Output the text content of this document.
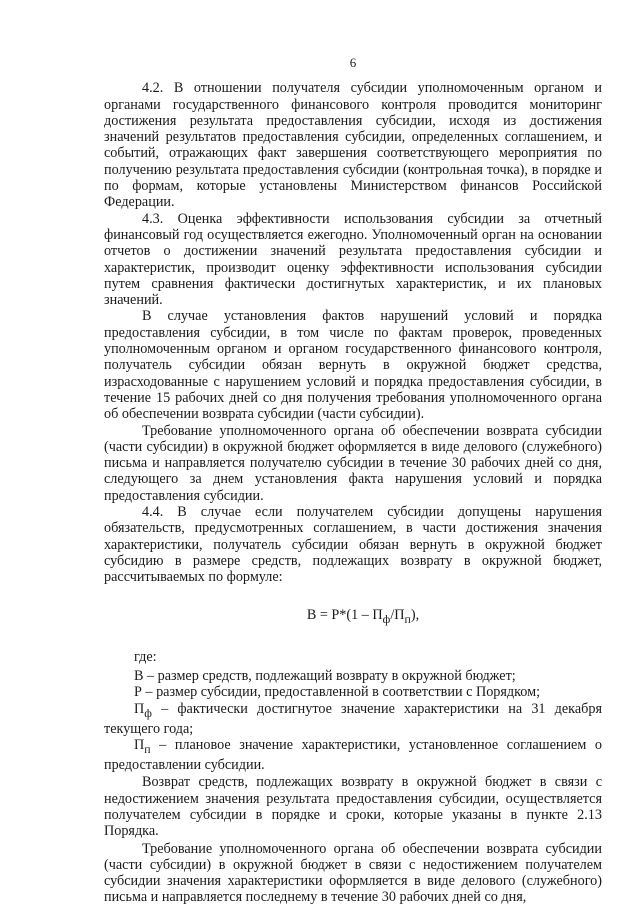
6

4.2. В отношении получателя субсидии уполномоченным органом и органами государственного финансового контроля проводится мониторинг достижения результата предоставления субсидии, исходя из достижения значений результатов предоставления субсидии, определенных соглашением, и событий, отражающих факт завершения соответствующего мероприятия по получению результата предоставления субсидии (контрольная точка), в порядке и по формам, которые установлены Министерством финансов Российской Федерации.

4.3. Оценка эффективности использования субсидии за отчетный финансовый год осуществляется ежегодно. Уполномоченный орган на основании отчетов о достижении значений результата предоставления субсидии и характеристик, производит оценку эффективности использования субсидии путем сравнения фактически достигнутых характеристик, и их плановых значений.

В случае установления фактов нарушений условий и порядка предоставления субсидии, в том числе по фактам проверок, проведенных уполномоченным органом и органом государственного финансового контроля, получатель субсидии обязан вернуть в окружной бюджет средства, израсходованные с нарушением условий и порядка предоставления субсидии, в течение 15 рабочих дней со дня получения требования уполномоченного органа об обеспечении возврата субсидии (части субсидии).

Требование уполномоченного органа об обеспечении возврата субсидии (части субсидии) в окружной бюджет оформляется в виде делового (служебного) письма и направляется получателю субсидии в течение 30 рабочих дней со дня, следующего за днем установления факта нарушения условий и порядка предоставления субсидии.

4.4. В случае если получателем субсидии допущены нарушения обязательств, предусмотренных соглашением, в части достижения значения характеристики, получатель субсидии обязан вернуть в окружной бюджет субсидию в размере средств, подлежащих возврату в окружной бюджет, рассчитываемых по формуле:

$В = Р*(1 - П_ф/П_п)$,

где:

В – размер средств, подлежащий возврату в окружной бюджет;

Р – размер субсидии, предоставленной в соответствии с Порядком;

$П_ф$ – фактически достигнутое значение характеристики на 31 декабря текущего года;

$П_п$ – плановое значение характеристики, установленное соглашением о предоставлении субсидии.

Возврат средств, подлежащих возврату в окружной бюджет в связи с недостижением значения результата предоставления субсидии, осуществляется получателем субсидии в порядке и сроки, которые указаны в пункте 2.13 Порядка.

Требование уполномоченного органа об обеспечении возврата субсидии (части субсидии) в окружной бюджет в связи с недостижением получателем субсидии значения характеристики оформляется в виде делового (служебного) письма и направляется последнему в течение 30 рабочих дней со дня,
